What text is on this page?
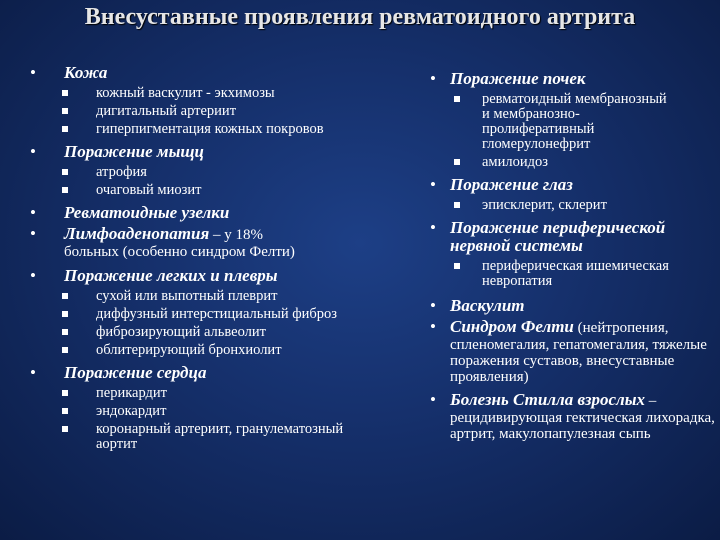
Внесуставные проявления ревматоидного артрита
• Кожа
кожный васкулит - экхимозы
дигитальный артериит
гиперпигментация кожных покровов
• Поражение мыщц
атрофия
очаговый миозит
• Ревматоидные узелки
• Лимфоаденопатия – у 18%
больных (особенно синдром Фелти)
• Поражение легких и плевры
сухой или выпотный плеврит
диффузный интерстициальный фиброз
фиброзирующий альвеолит
облитерирующий бронхиолит
• Поражение сердца
перикардит
эндокардит
коронарный артериит, гранулематозный аортит
• Поражение почек
ревматоидный мембранозный и мембранозно-пролиферативный гломерулонефрит
амилоидоз
• Поражение глаз
эписклерит, склерит
• Поражение периферической нервной системы
периферическая ишемическая невропатия
• Васкулит
• Синдром Фелти (нейтропения,
спленомегалия, гепатомегалия, тяжелые поражения суставов, внесуставные проявления)
• Болезнь Стилла взрослых –
рецидивирующая гектическая лихорадка, артрит, макулопапулезная сыпь
